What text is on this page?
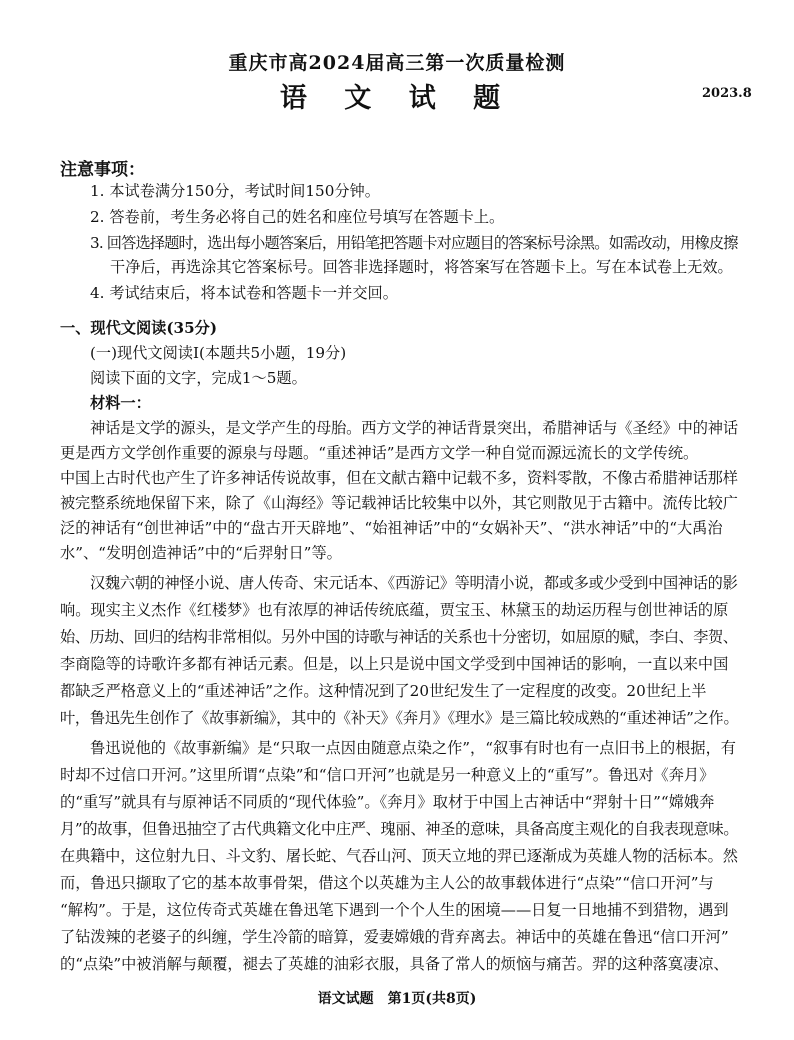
重庆市高2024届高三第一次质量检测
语 文 试 题	2023.8
注意事项：
1. 本试卷满分150分，考试时间150分钟。
2. 答卷前，考生务必将自己的姓名和座位号填写在答题卡上。
3. 回答选择题时，选出每小题答案后，用铅笔把答题卡对应题目的答案标号涂黑。如需改动，用橡皮擦
干净后，再选涂其它答案标号。回答非选择题时，将答案写在答题卡上。写在本试卷上无效。
4. 考试结束后，将本试卷和答题卡一并交回。
一、现代文阅读(35分)
(一)现代文阅读Ⅰ(本题共5小题，19分)
阅读下面的文字，完成1～5题。
材料一：
神话是文学的源头，是文学产生的母胎。西方文学的神话背景突出，希腊神话与《圣经》中的神话
更是西方文学创作重要的源泉与母题。“重述神话”是西方文学一种自觉而源远流长的文学传统。
中国上古时代也产生了许多神话传说故事，但在文献古籍中记载不多，资料零散，不像古希腊神话那样
被完整系统地保留下来，除了《山海经》等记载神话比较集中以外，其它则散见于古籍中。流传比较广
泛的神话有“创世神话”中的“盘古开天辟地”、“始祖神话”中的“女娲补天”、“洪水神话”中的“大禹治
水”、“发明创造神话”中的“后羿射日”等。
汉魏六朝的神怪小说、唐人传奇、宋元话本、《西游记》等明清小说，都或多或少受到中国神话的影
响。现实主义杰作《红楼梦》也有浓厚的神话传统底蕴，贾宝玉、林黛玉的劫运历程与创世神话的原
始、历劫、回归的结构非常相似。另外中国的诗歌与神话的关系也十分密切，如屈原的赋，李白、李贺、
李商隐等的诗歌许多都有神话元素。但是，以上只是说中国文学受到中国神话的影响，一直以来中国
都缺乏严格意义上的“重述神话”之作。这种情况到了20世纪发生了一定程度的改变。20世纪上半
叶，鲁迅先生创作了《故事新编》，其中的《补天》《奔月》《理水》是三篇比较成熟的“重述神话”之作。
鲁迅说他的《故事新编》是“只取一点因由随意点染之作”，“叙事有时也有一点旧书上的根据，有
时却不过信口开河。”这里所谓“点染”和“信口开河”也就是另一种意义上的“重写”。鲁迅对《奔月》
的“重写”就具有与原神话不同质的“现代体验”。《奔月》取材于中国上古神话中“羿射十日”“嫦娥奔
月”的故事，但鲁迅抽空了古代典籍文化中庄严、瑰丽、神圣的意味，具备高度主观化的自我表现意味。
在典籍中，这位射九日、斗文豹、屠长蛇、气吞山河、顶天立地的羿已逐渐成为英雄人物的活标本。然
而，鲁迅只撷取了它的基本故事骨架，借这个以英雄为主人公的故事载体进行“点染”“信口开河”与
“解构”。于是，这位传奇式英雄在鲁迅笔下遇到一个个人生的困境——日复一日地捕不到猎物，遇到
了钻泼辣的老婆子的纠缠，学生冷箭的暗算，爱妻嫦娥的背弃离去。神话中的英雄在鲁迅“信口开河”
的“点染”中被消解与颠覆，褪去了英雄的油彩衣服，具备了常人的烦恼与痛苦。羿的这种落寞凄凉、
语文试题　第1页(共8页)
